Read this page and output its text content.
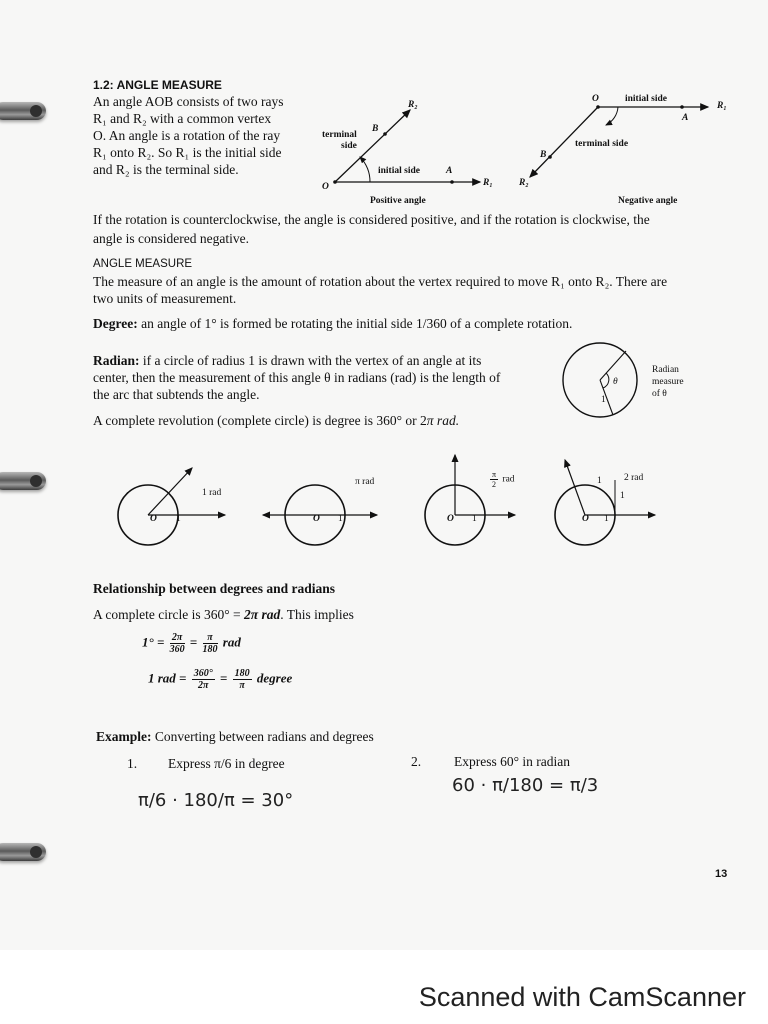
1.2: ANGLE MEASURE

An angle AOB consists of two rays

R₁ and R₂ with a common vertex

O. An angle is a rotation of the ray

R₁ onto R₂. So R₁ is the initial side

and R₂ is the terminal side.

R₂
B
terminal
side
initial side	A
O	R₁
Positive angle
O	initial side
R₁
A
terminal side
B
R₂
Negative angle

If the rotation is counterclockwise, the angle is considered positive, and if the rotation is clockwise, the

angle is considered negative.

ANGLE MEASURE

The measure of an angle is the amount of rotation about the vertex required to move R₁ onto R₂. There are

two units of measurement.

Degree: an angle of 1° is formed be rotating the initial side 1/360 of a complete rotation.

Radian: if a circle of radius 1 is drawn with the vertex of an angle at its

center, then the measurement of this angle θ in radians (rad) is the length of

the arc that subtends the angle.

A complete revolution (complete circle) is degree is 360° or 2π rad.

θ
1
Radian
measure
of θ
1 rad
O 1
π rad
O 1
$\frac{\pi}{2}$ rad
O 1
2 rad
O 1
1
1

Relationship between degrees and radians

A complete circle is 360° = 2π rad. This implies

$1^\circ = \frac{2\pi}{360} = \frac{\pi}{180}$ rad
1 rad = $\frac{360^\circ}{2\pi} = \frac{180}{\pi}$ degree

Example: Converting between radians and degrees

1. Express π/6 in degree	2. Express 60° in radian

π/6 · 180/π = 30°
60 · π/180 = π/3

13

Scanned with CamScanner
